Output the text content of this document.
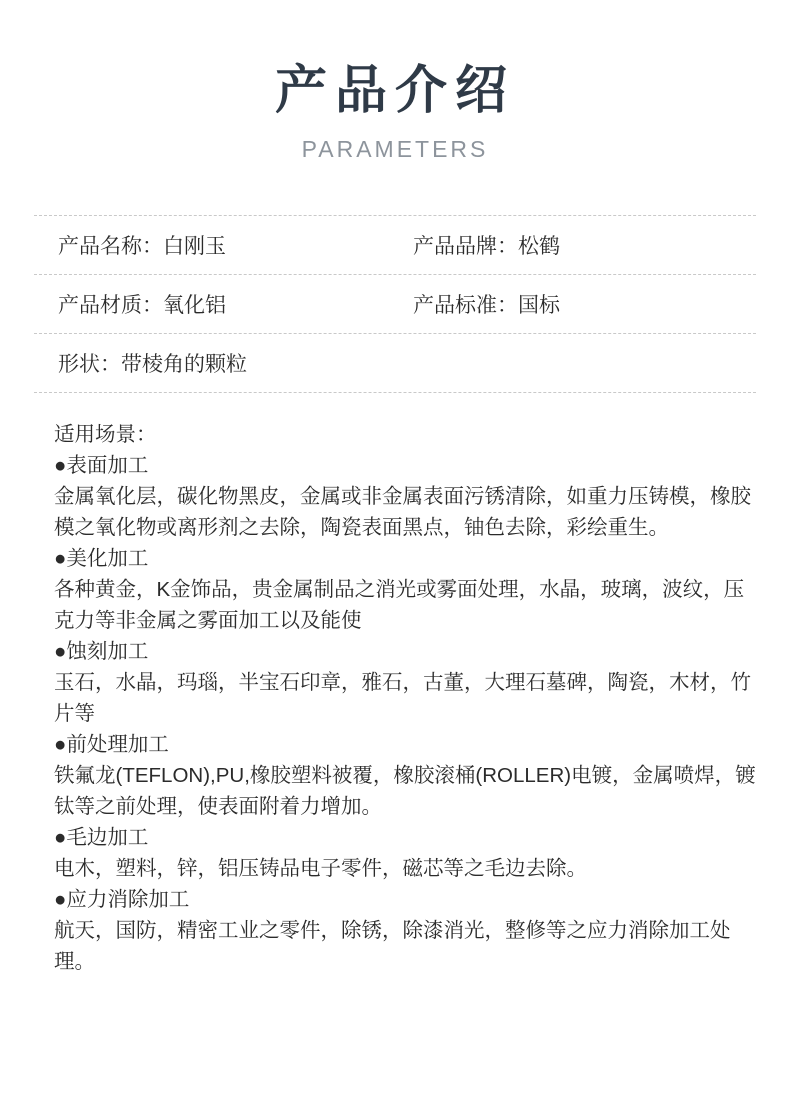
产品介绍
PARAMETERS
产品名称：白刚玉	产品品牌：松鹤
产品材质：氧化铝	产品标准：国标
形状：带棱角的颗粒
适用场景：
●表面加工
金属氧化层，碳化物黑皮，金属或非金属表面污锈清除，如重力压铸模，橡胶模之氧化物或离形剂之去除，陶瓷表面黑点，铀色去除，彩绘重生。
●美化加工
各种黄金，K金饰品，贵金属制品之消光或雾面处理，水晶，玻璃，波纹，压克力等非金属之雾面加工以及能使
●蚀刻加工
玉石，水晶，玛瑙，半宝石印章，雅石，古董，大理石墓碑，陶瓷，木材，竹片等
●前处理加工
铁氟龙(TEFLON),PU,橡胶塑料被覆，橡胶滚桶(ROLLER)电镀，金属喷焊，镀钛等之前处理，使表面附着力增加。
●毛边加工
电木，塑料，锌，铝压铸品电子零件，磁芯等之毛边去除。
●应力消除加工
航天，国防，精密工业之零件，除锈，除漆消光，整修等之应力消除加工处理。
